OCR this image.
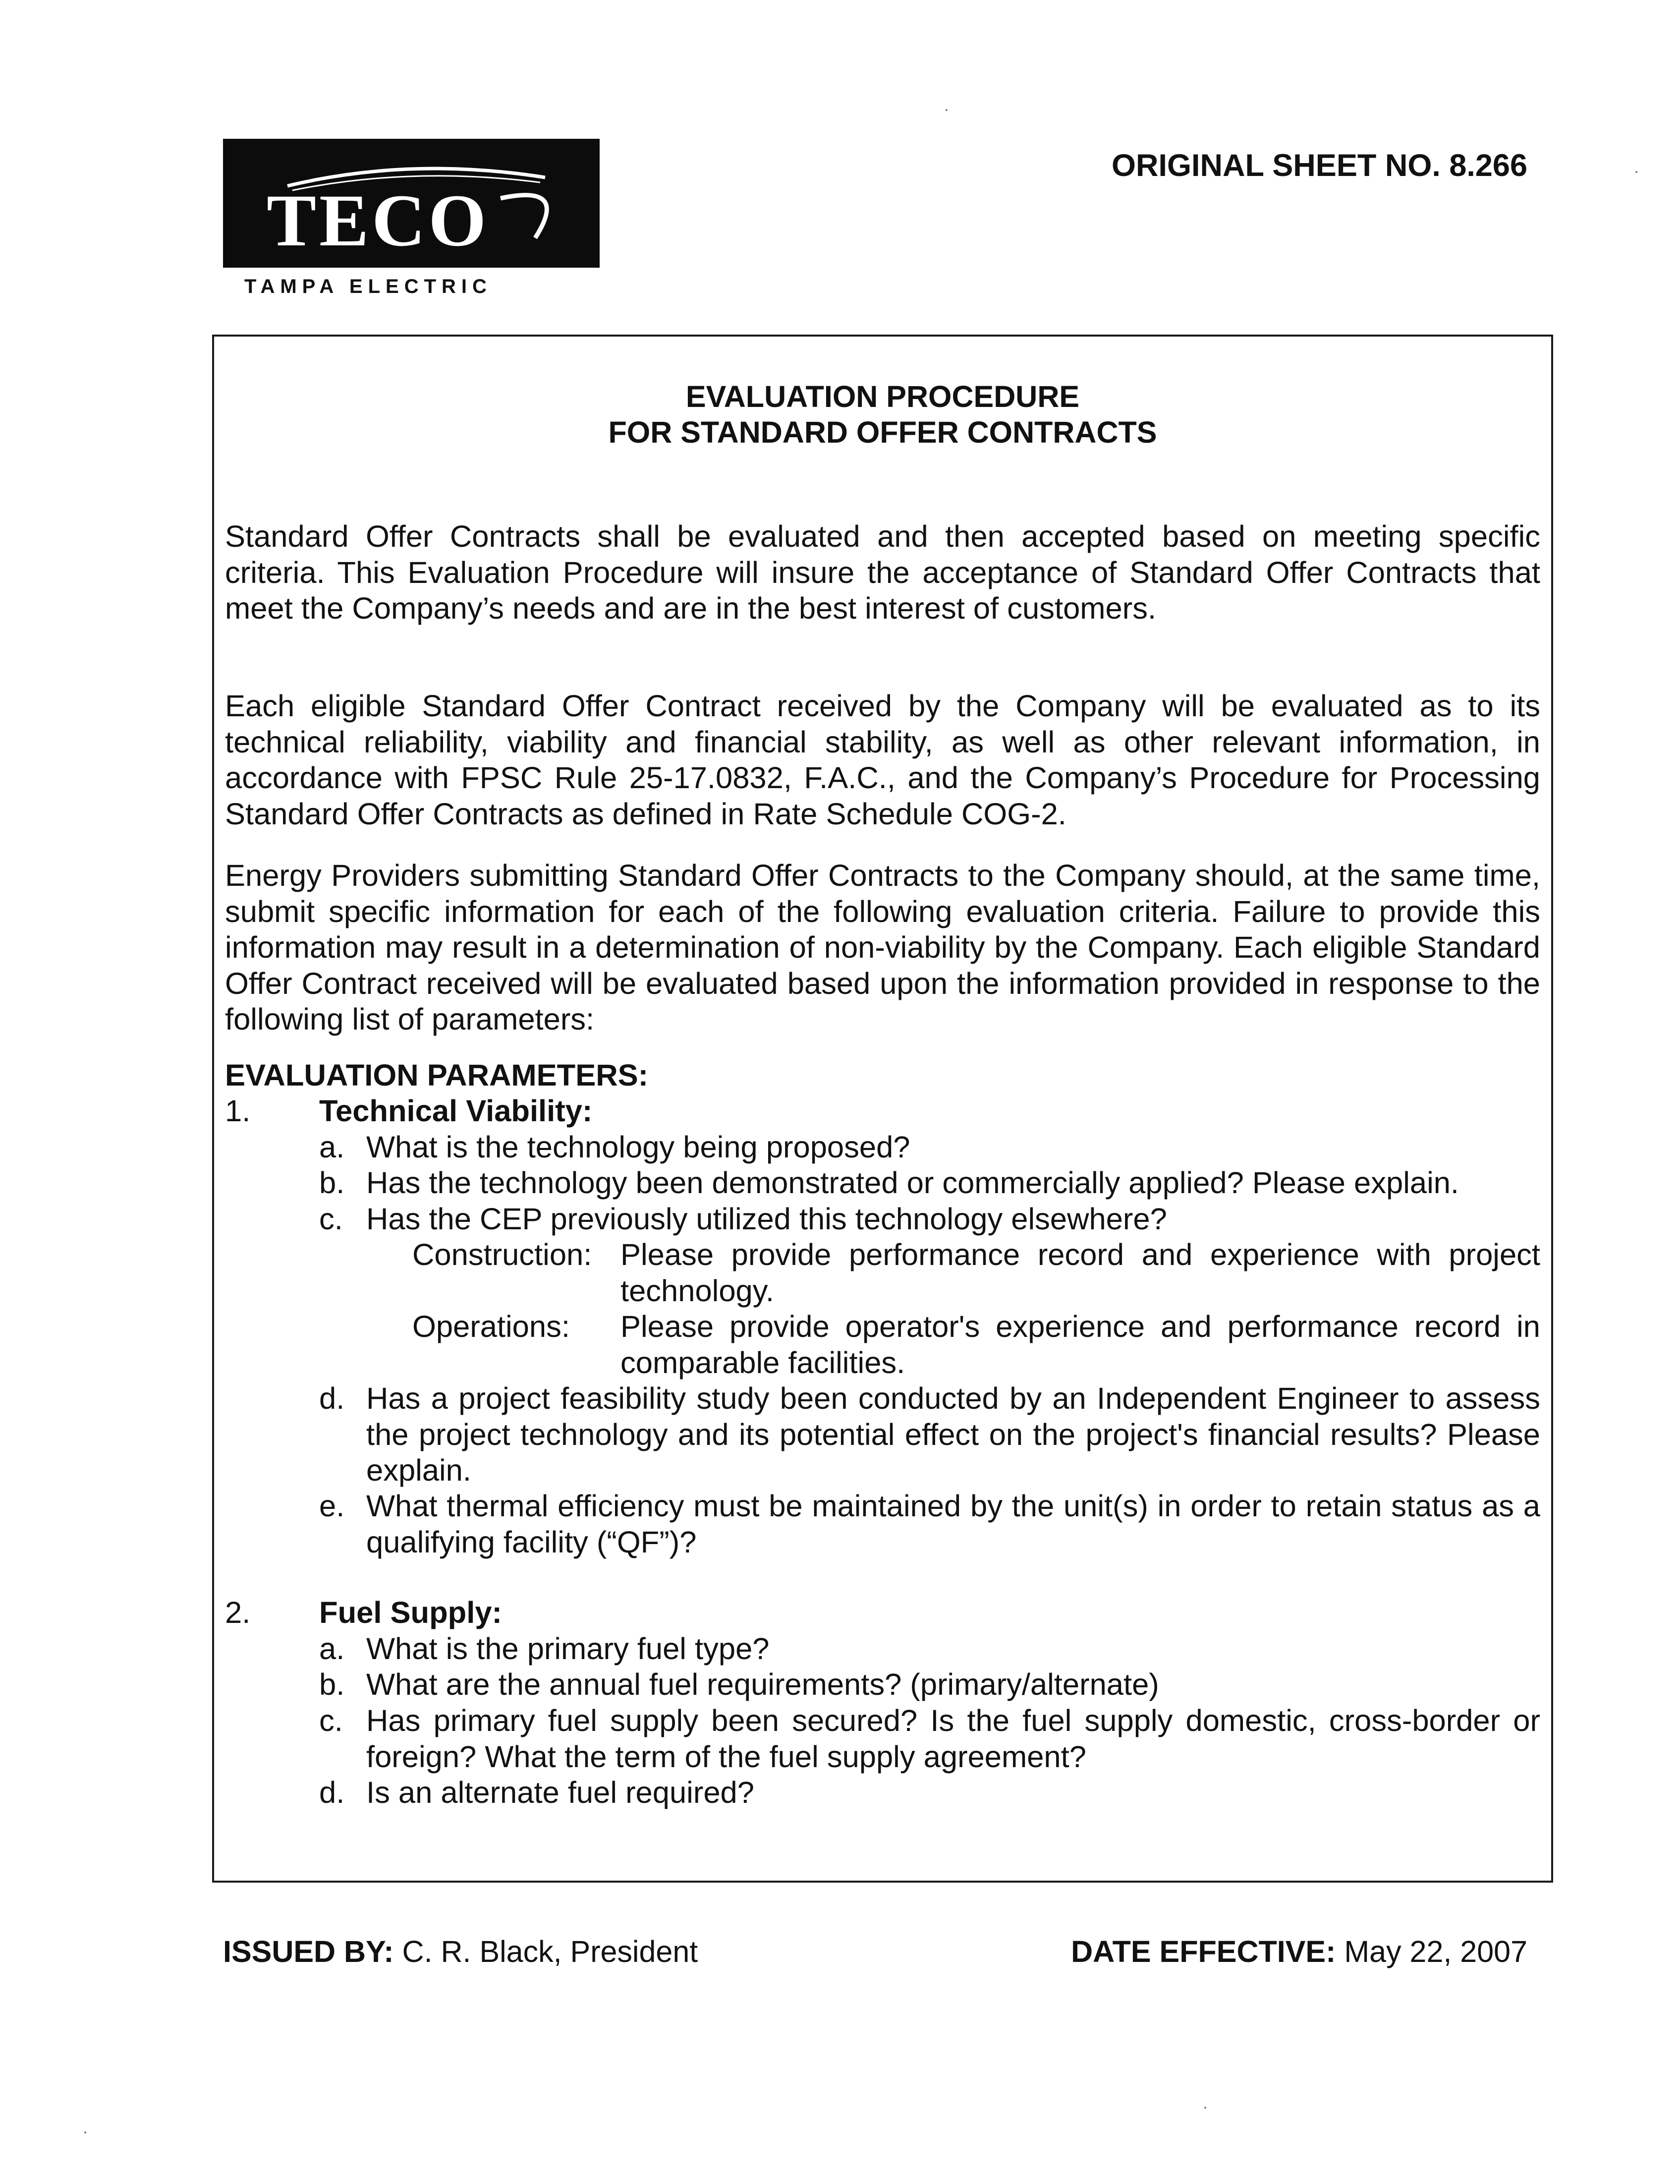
TECO
TAMPA ELECTRIC
ORIGINAL SHEET NO. 8.266
EVALUATION PROCEDURE
FOR STANDARD OFFER CONTRACTS

Standard Offer Contracts shall be evaluated and then accepted based on meeting specific criteria. This Evaluation Procedure will insure the acceptance of Standard Offer Contracts that meet the Company’s needs and are in the best interest of customers.

Each eligible Standard Offer Contract received by the Company will be evaluated as to its technical reliability, viability and financial stability, as well as other relevant information, in accordance with FPSC Rule 25-17.0832, F.A.C., and the Company’s Procedure for Processing Standard Offer Contracts as defined in Rate Schedule COG-2.

Energy Providers submitting Standard Offer Contracts to the Company should, at the same time, submit specific information for each of the following evaluation criteria. Failure to provide this information may result in a determination of non-viability by the Company. Each eligible Standard Offer Contract received will be evaluated based upon the information provided in response to the following list of parameters:

EVALUATION PARAMETERS:
1. Technical Viability:
a. What is the technology being proposed?
b. Has the technology been demonstrated or commercially applied? Please explain.
c. Has the CEP previously utilized this technology elsewhere?
Construction: Please provide performance record and experience with project technology.
Operations: Please provide operator's experience and performance record in comparable facilities.
d. Has a project feasibility study been conducted by an Independent Engineer to assess the project technology and its potential effect on the project's financial results? Please explain.
e. What thermal efficiency must be maintained by the unit(s) in order to retain status as a qualifying facility (“QF”)?
2. Fuel Supply:
a. What is the primary fuel type?
b. What are the annual fuel requirements? (primary/alternate)
c. Has primary fuel supply been secured? Is the fuel supply domestic, cross-border or foreign? What the term of the fuel supply agreement?
d. Is an alternate fuel required?
ISSUED BY: C. R. Black, President	DATE EFFECTIVE: May 22, 2007
